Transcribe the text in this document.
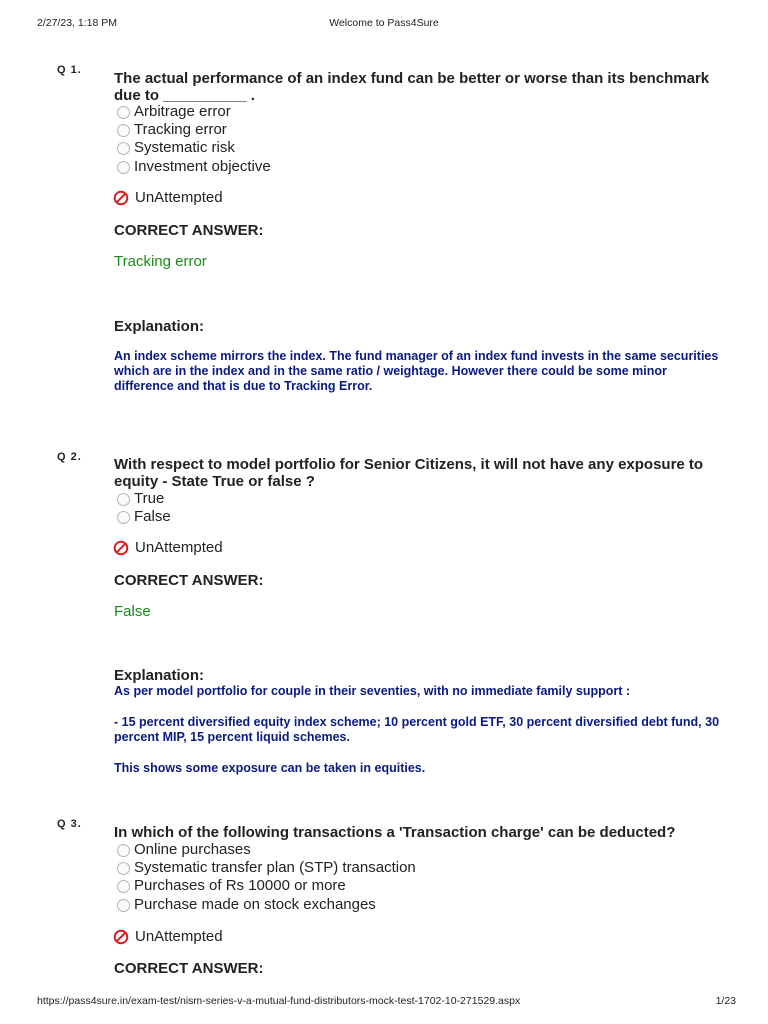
2/27/23, 1:18 PM	Welcome to Pass4Sure
Q 1. The actual performance of an index fund can be better or worse than its benchmark due to __________ .
Arbitrage error
Tracking error
Systematic risk
Investment objective
UnAttempted
CORRECT ANSWER:
Tracking error
Explanation:
An index scheme mirrors the index. The fund manager of an index fund invests in the same securities which are in the index and in the same ratio / weightage. However there could be some minor difference and that is due to Tracking Error.
Q 2. With respect to model portfolio for Senior Citizens, it will not have any exposure to equity - State True or false ?
True
False
UnAttempted
CORRECT ANSWER:
False
Explanation:
As per model portfolio for couple in their seventies, with no immediate family support :
- 15 percent diversified equity index scheme; 10 percent gold ETF, 30 percent diversified debt fund, 30 percent MIP, 15 percent liquid schemes.
This shows some exposure can be taken in equities.
Q 3. In which of the following transactions a 'Transaction charge' can be deducted?
Online purchases
Systematic transfer plan (STP) transaction
Purchases of Rs 10000 or more
Purchase made on stock exchanges
UnAttempted
CORRECT ANSWER:
https://pass4sure.in/exam-test/nism-series-v-a-mutual-fund-distributors-mock-test-1702-10-271529.aspx	1/23
